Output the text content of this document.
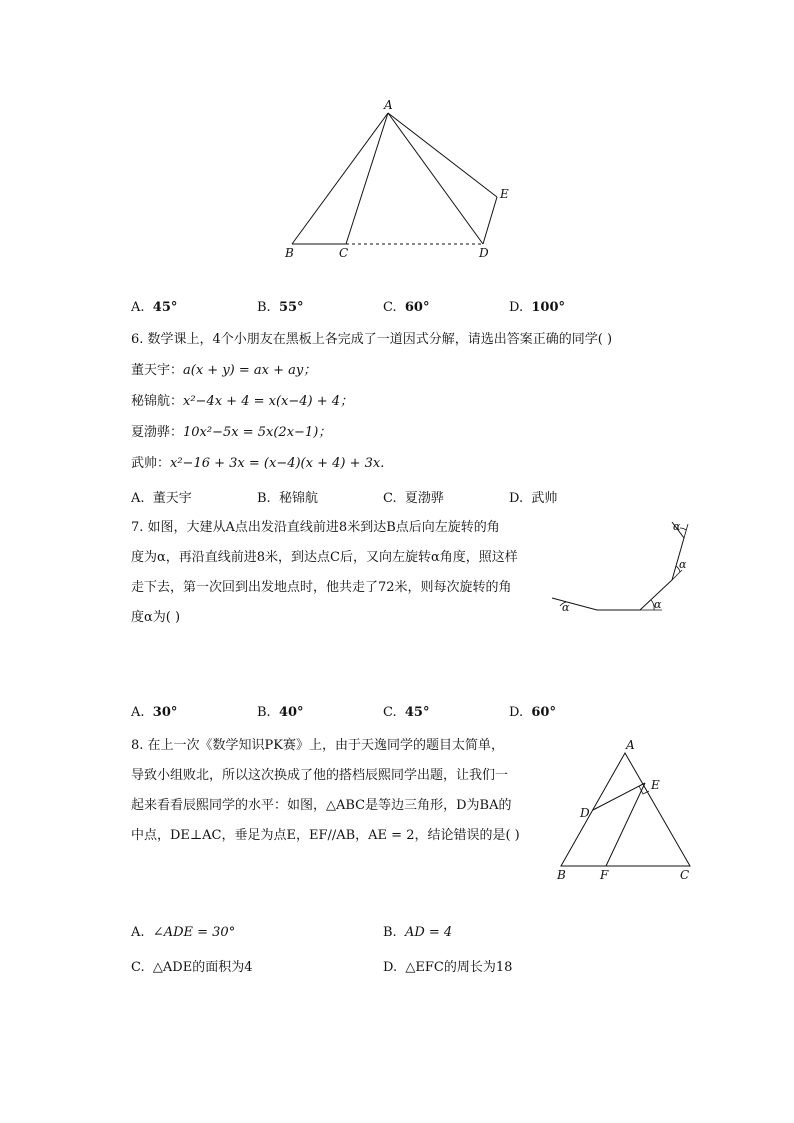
A
B	C	D
E
A. 45°	B. 55°	C. 60°	D. 100°
6. 数学课上，4个小朋友在黑板上各完成了一道因式分解，请选出答案正确的同学( )
董天宇：a(x + y) = ax + ay；
秘锦航：x²−4x + 4 = x(x−4) + 4；
夏渤骅：10x²−5x = 5x(2x−1)；
武帅：x²−16 + 3x = (x−4)(x + 4) + 3x.
A. 董天宇	B. 秘锦航	C. 夏渤骅	D. 武帅
7. 如图，大建从A点出发沿直线前进8米到达B点后向左旋转的角
度为α，再沿直线前进8米，到达点C后，又向左旋转α角度，照这样
走下去，第一次回到出发地点时，他共走了72米，则每次旋转的角
度α为( )
α	α
α
α
A. 30°	B. 40°	C. 45°	D. 60°
8. 在上一次《数学知识PK赛》上，由于天逸同学的题目太简单，
导致小组败北，所以这次换成了他的搭档辰熙同学出题，让我们一
起来看看辰熙同学的水平：如图，△ABC是等边三角形，D为BA的
中点，DE⊥AC，垂足为点E，EF//AB，AE = 2，结论错误的是( )
A
B	C
D
E
F
A. ∠ADE = 30°	B. AD = 4
C. △ADE的面积为4	D. △EFC的周长为18
